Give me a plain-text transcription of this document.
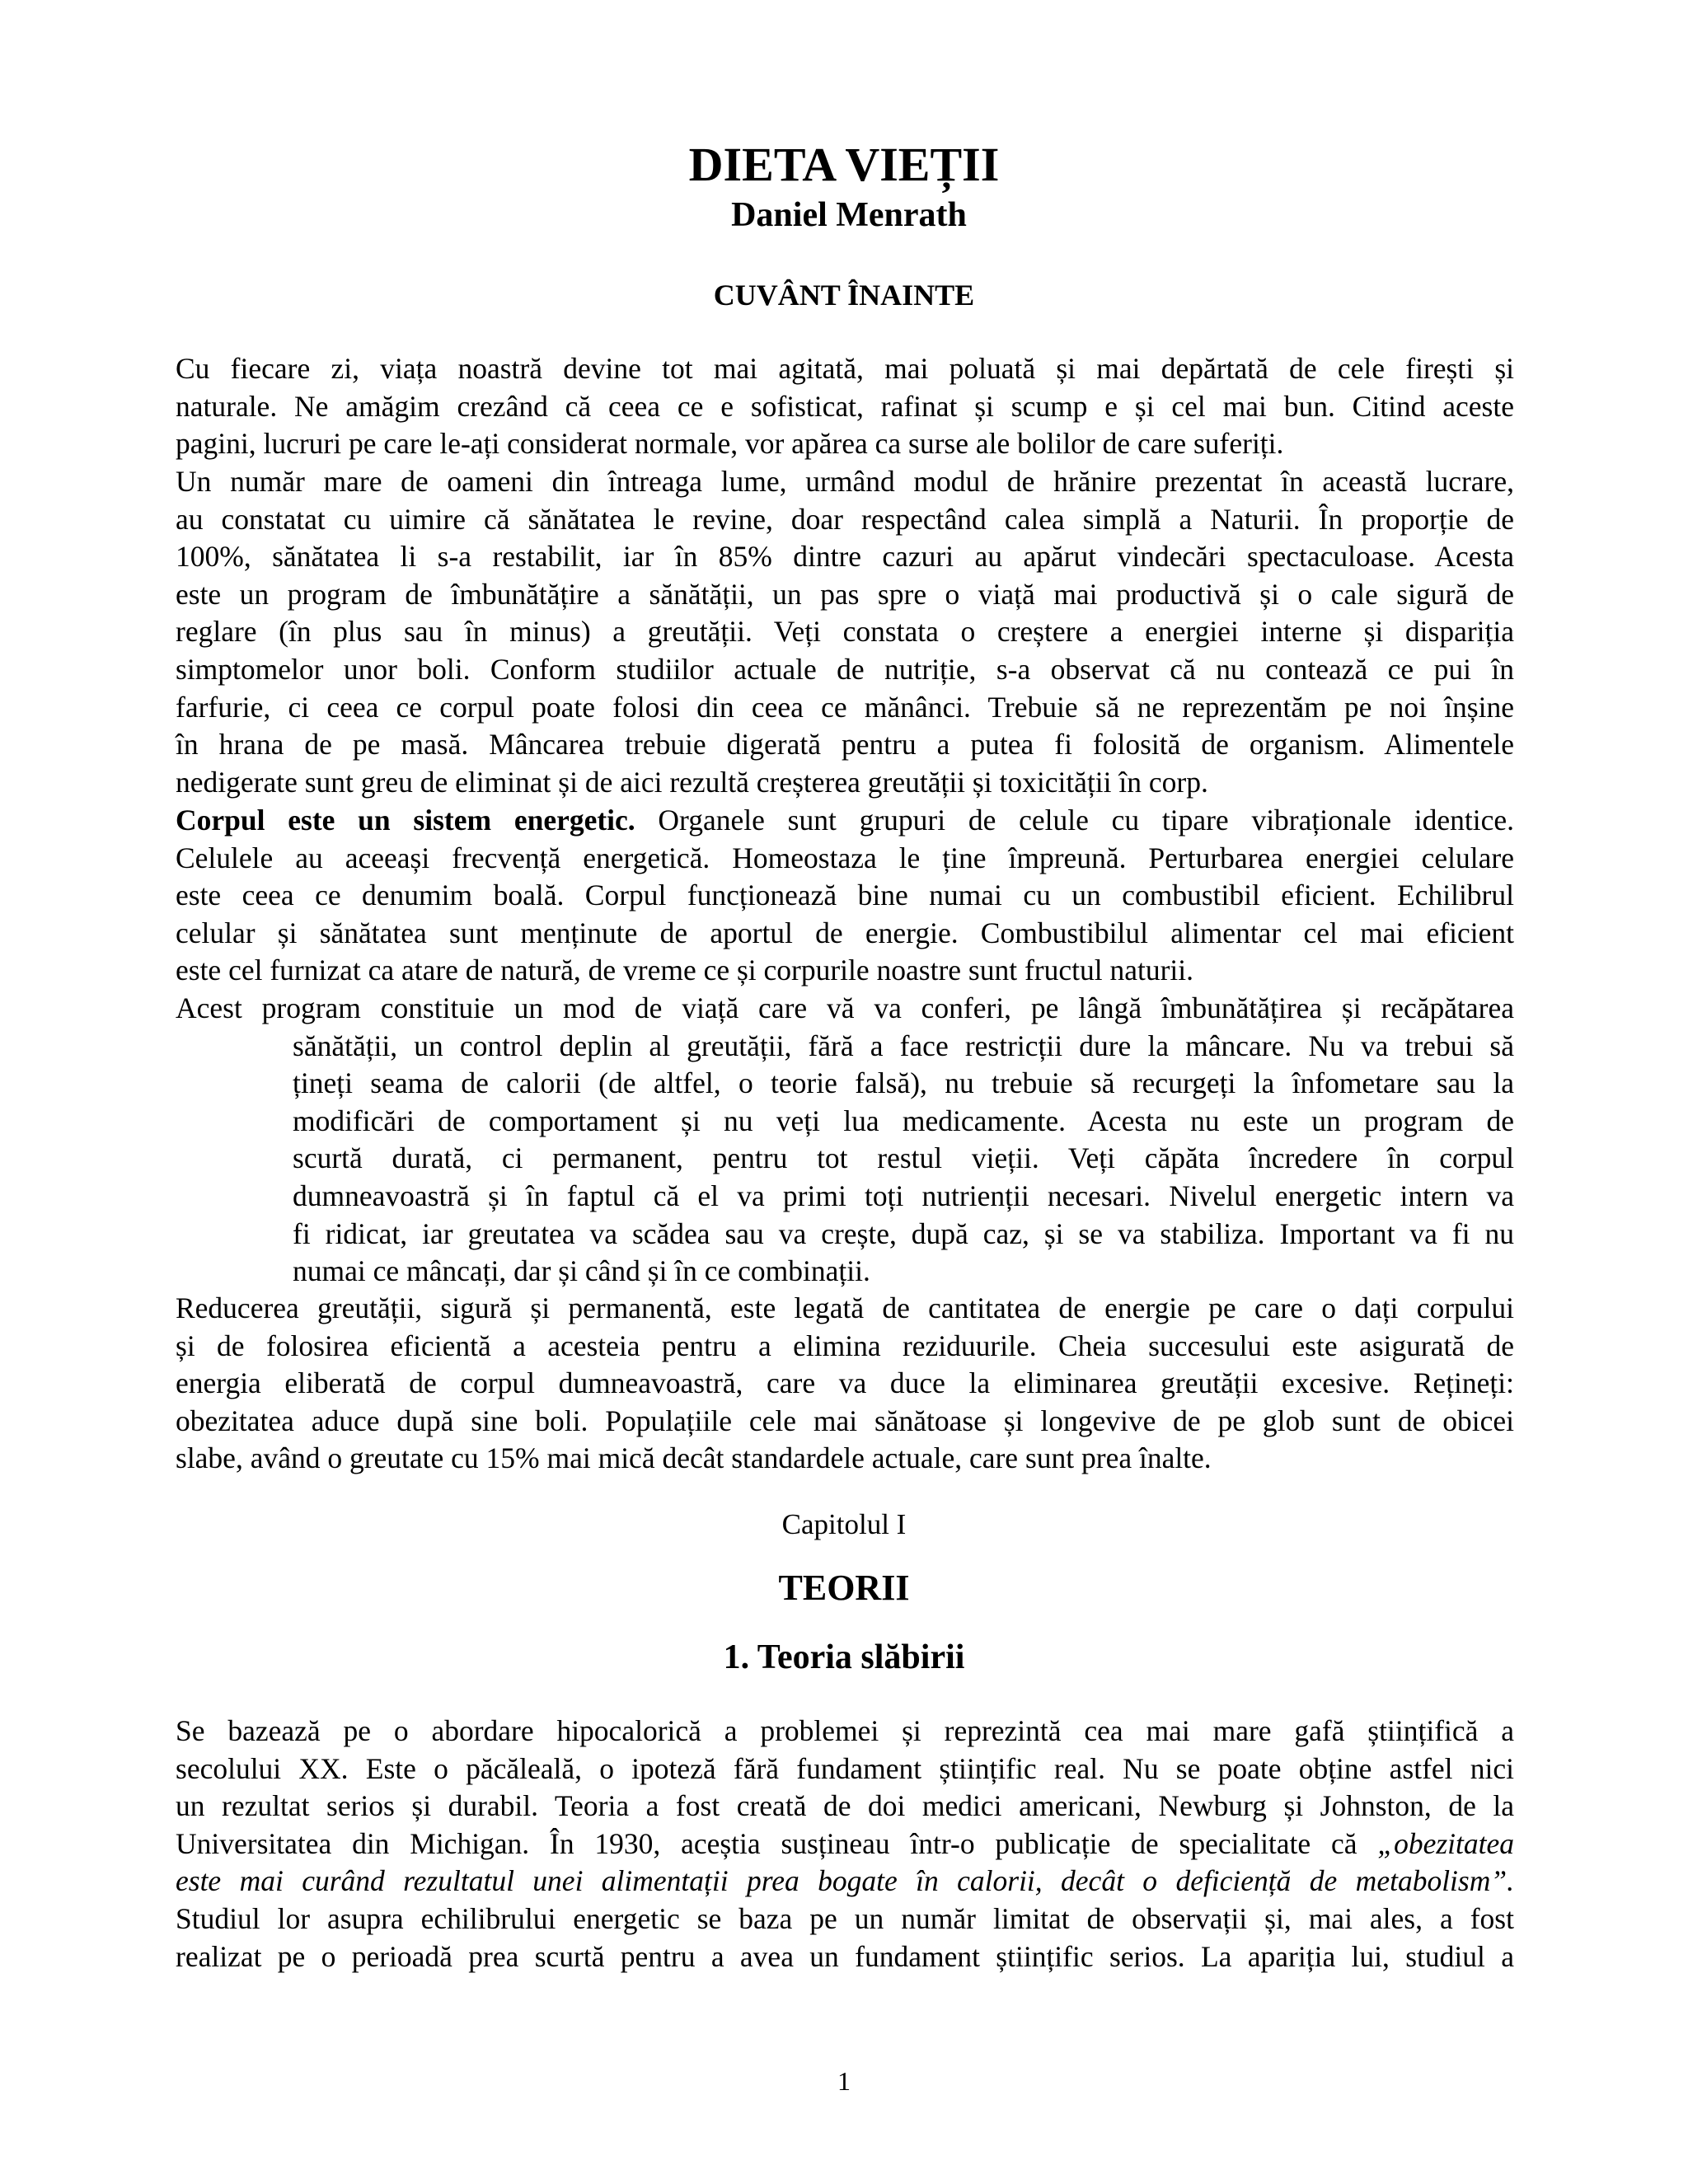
DIETA VIEȚII
Daniel Menrath
CUVÂNT ÎNAINTE

Cu fiecare zi, viața noastră devine tot mai agitată, mai poluată și mai depărtată de cele firești și
naturale. Ne amăgim crezând că ceea ce e sofisticat, rafinat și scump e și cel mai bun. Citind aceste
pagini, lucruri pe care le-ați considerat normale, vor apărea ca surse ale bolilor de care suferiți.

Un număr mare de oameni din întreaga lume, urmând modul de hrănire prezentat în această lucrare,
au constatat cu uimire că sănătatea le revine, doar respectând calea simplă a Naturii. În proporție de
100%, sănătatea li s-a restabilit, iar în 85% dintre cazuri au apărut vindecări spectaculoase. Acesta
este un program de îmbunătățire a sănătății, un pas spre o viață mai productivă și o cale sigură de
reglare (în plus sau în minus) a greutății. Veți constata o creștere a energiei interne și dispariția
simptomelor unor boli. Conform studiilor actuale de nutriție, s-a observat că nu contează ce pui în
farfurie, ci ceea ce corpul poate folosi din ceea ce mănânci. Trebuie să ne reprezentăm pe noi înșine
în hrana de pe masă. Mâncarea trebuie digerată pentru a putea fi folosită de organism. Alimentele
nedigerate sunt greu de eliminat și de aici rezultă creșterea greutății și toxicității în corp.

Corpul este un sistem energetic. Organele sunt grupuri de celule cu tipare vibraționale identice.
Celulele au aceeași frecvență energetică. Homeostaza le ține împreună. Perturbarea energiei celulare
este ceea ce denumim boală. Corpul funcționează bine numai cu un combustibil eficient. Echilibrul
celular și sănătatea sunt menținute de aportul de energie. Combustibilul alimentar cel mai eficient
este cel furnizat ca atare de natură, de vreme ce și corpurile noastre sunt fructul naturii.

Acest program constituie un mod de viață care vă va conferi, pe lângă îmbunătățirea și recăpătarea
sănătății, un control deplin al greutății, fără a face restricții dure la mâncare. Nu va trebui să
țineți seama de calorii (de altfel, o teorie falsă), nu trebuie să recurgeți la înfometare sau la
modificări de comportament și nu veți lua medicamente. Acesta nu este un program de
scurtă durată, ci permanent, pentru tot restul vieții. Veți căpăta încredere în corpul
dumneavoastră și în faptul că el va primi toți nutrienții necesari. Nivelul energetic intern va
fi ridicat, iar greutatea va scădea sau va crește, după caz, și se va stabiliza. Important va fi nu
numai ce mâncați, dar și când și în ce combinații.

Reducerea greutății, sigură și permanentă, este legată de cantitatea de energie pe care o dați corpului
și de folosirea eficientă a acesteia pentru a elimina reziduurile. Cheia succesului este asigurată de
energia eliberată de corpul dumneavoastră, care va duce la eliminarea greutății excesive. Rețineți:
obezitatea aduce după sine boli. Populațiile cele mai sănătoase și longevive de pe glob sunt de obicei
slabe, având o greutate cu 15% mai mică decât standardele actuale, care sunt prea înalte.

Capitolul I
TEORII
1. Teoria slăbirii

Se bazează pe o abordare hipocalorică a problemei și reprezintă cea mai mare gafă științifică a
secolului XX. Este o păcăleală, o ipoteză fără fundament științific real. Nu se poate obține astfel nici
un rezultat serios și durabil. Teoria a fost creată de doi medici americani, Newburg și Johnston, de la
Universitatea din Michigan. În 1930, aceștia susțineau într-o publicație de specialitate că „obezitatea
este mai curând rezultatul unei alimentații prea bogate în calorii, decât o deficiență de metabolism”.
Studiul lor asupra echilibrului energetic se baza pe un număr limitat de observații și, mai ales, a fost
realizat pe o perioadă prea scurtă pentru a avea un fundament științific serios. La apariția lui, studiul a

1
